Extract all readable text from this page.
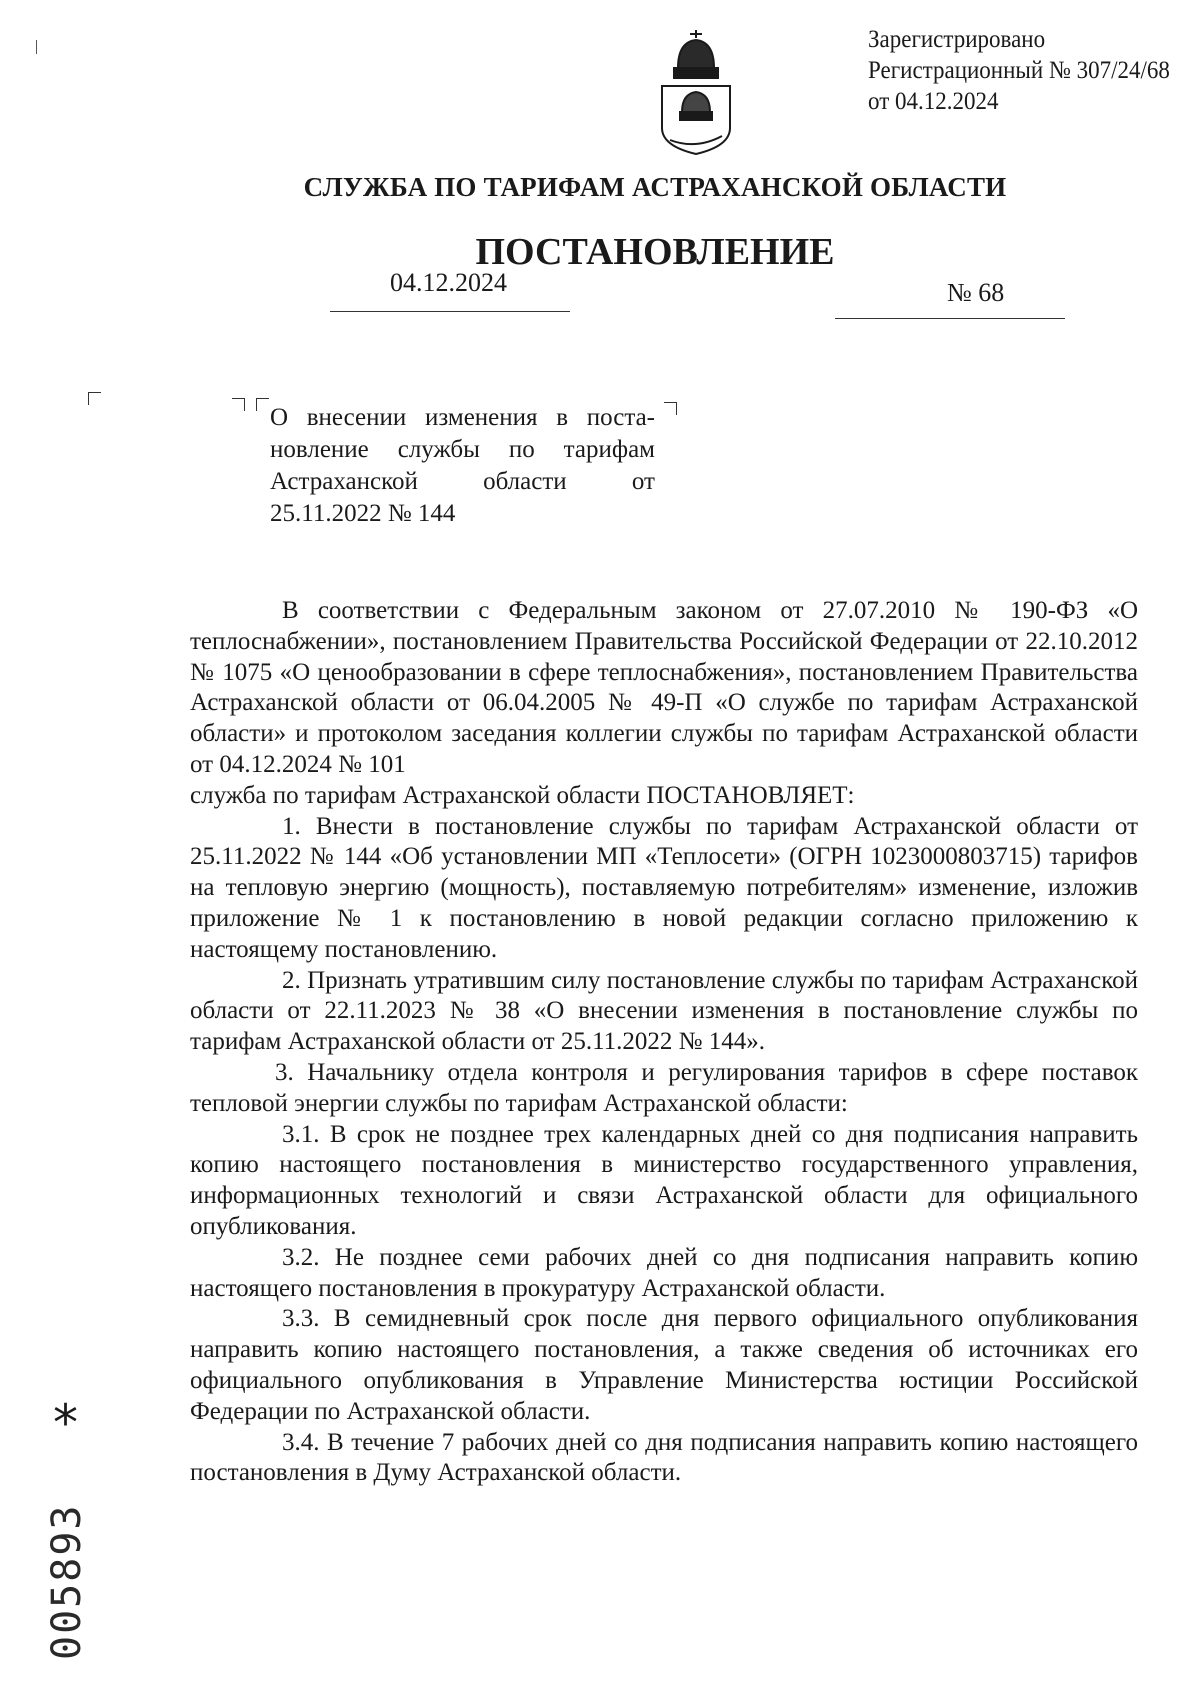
Зарегистрировано
Регистрационный № 307/24/68
от 04.12.2024
СЛУЖБА ПО ТАРИФАМ АСТРАХАНСКОЙ ОБЛАСТИ
ПОСТАНОВЛЕНИЕ
04.12.2024	№ 68
О внесении изменения в поста-
новление службы по тарифам
Астраханской области от
25.11.2022 № 144

В соответствии с Федеральным законом от 27.07.2010 № 190-ФЗ «О теплоснабжении», постановлением Правительства Российской Федерации от 22.10.2012 № 1075 «О ценообразовании в сфере теплоснабжения», постановлением Правительства Астраханской области от 06.04.2005 № 49-П «О службе по тарифам Астраханской области» и протоколом заседания коллегии службы по тарифам Астраханской области от 04.12.2024 № 101

служба по тарифам Астраханской области ПОСТАНОВЛЯЕТ:

1. Внести в постановление службы по тарифам Астраханской области от 25.11.2022 № 144 «Об установлении МП «Теплосети» (ОГРН 1023000803715) тарифов на тепловую энергию (мощность), поставляемую потребителям» изменение, изложив приложение № 1 к постановлению в новой редакции согласно приложению к настоящему постановлению.

2. Признать утратившим силу постановление службы по тарифам Астраханской области от 22.11.2023 № 38 «О внесении изменения в постановление службы по тарифам Астраханской области от 25.11.2022 № 144».

3. Начальнику отдела контроля и регулирования тарифов в сфере поставок тепловой энергии службы по тарифам Астраханской области:

3.1. В срок не позднее трех календарных дней со дня подписания направить копию настоящего постановления в министерство государственного управления, информационных технологий и связи Астраханской области для официального опубликования.

3.2. Не позднее семи рабочих дней со дня подписания направить копию настоящего постановления в прокуратуру Астраханской области.

3.3. В семидневный срок после дня первого официального опубликования направить копию настоящего постановления, а также сведения об источниках его официального опубликования в Управление Министерства юстиции Российской Федерации по Астраханской области.

3.4. В течение 7 рабочих дней со дня подписания направить копию настоящего постановления в Думу Астраханской области.

*
005893
